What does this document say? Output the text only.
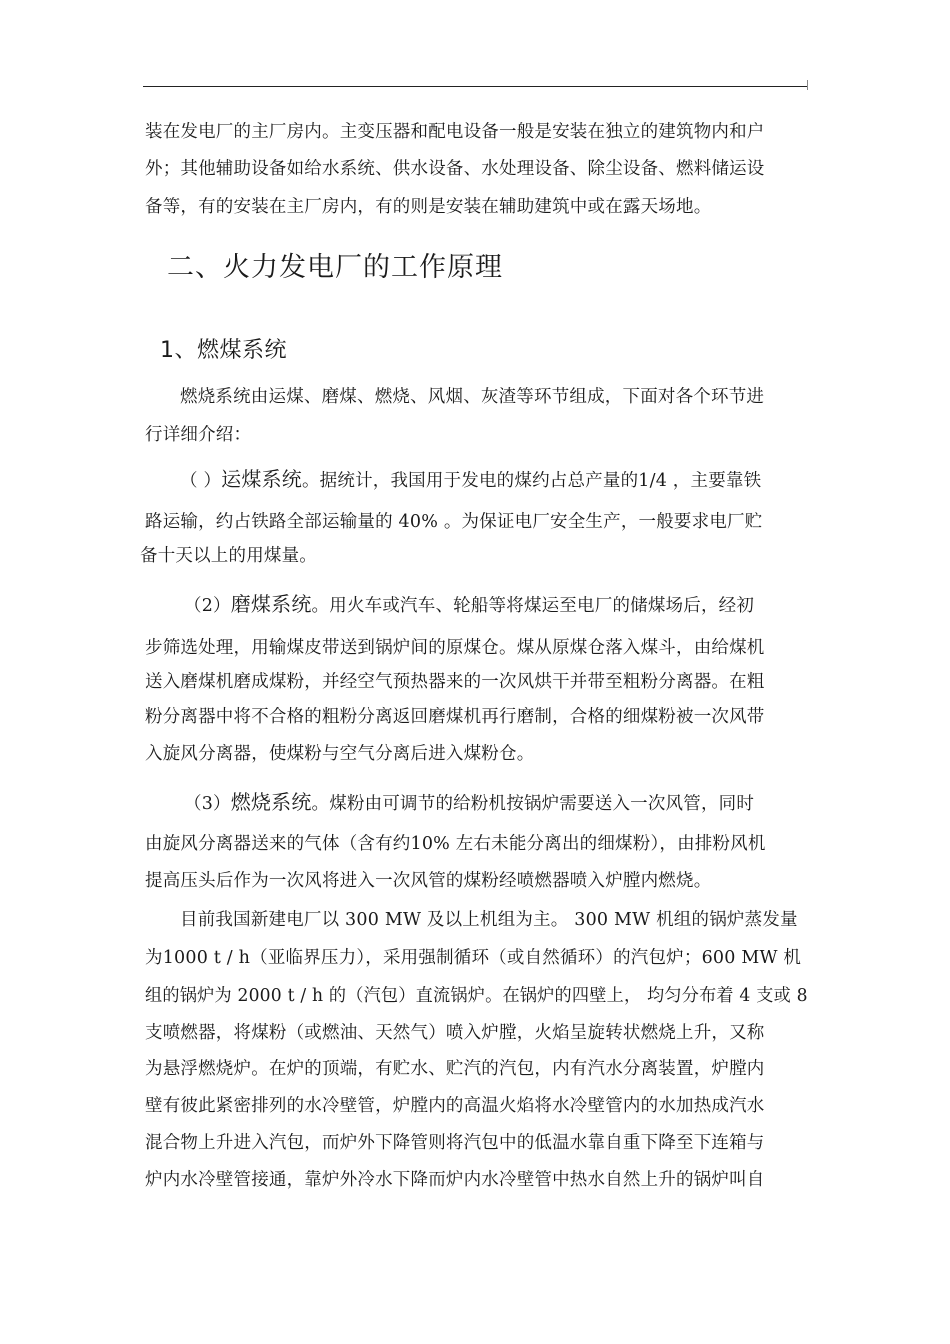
装在发电厂的主厂房内。主变压器和配电设备一般是安装在独立的建筑物内和户
外；其他辅助设备如给水系统、供水设备、水处理设备、除尘设备、燃料储运设
备等，有的安装在主厂房内，有的则是安装在辅助建筑中或在露天场地。
二、火力发电厂的工作原理
1、燃煤系统
燃烧系统由运煤、磨煤、燃烧、风烟、灰渣等环节组成，下面对各个环节进
行详细介绍：
（ ）运煤系统。据统计，我国用于发电的煤约占总产量的1/4 ，主要靠铁
路运输，约占铁路全部运输量的 40% 。为保证电厂安全生产，一般要求电厂贮
备十天以上的用煤量。
（2）磨煤系统。用火车或汽车、轮船等将煤运至电厂的储煤场后，经初
步筛选处理，用输煤皮带送到锅炉间的原煤仓。煤从原煤仓落入煤斗，由给煤机
送入磨煤机磨成煤粉，并经空气预热器来的一次风烘干并带至粗粉分离器。在粗
粉分离器中将不合格的粗粉分离返回磨煤机再行磨制，合格的细煤粉被一次风带
入旋风分离器，使煤粉与空气分离后进入煤粉仓。
（3）燃烧系统。煤粉由可调节的给粉机按锅炉需要送入一次风管，同时
由旋风分离器送来的气体（含有约10% 左右未能分离出的细煤粉），由排粉风机
提高压头后作为一次风将进入一次风管的煤粉经喷燃器喷入炉膛内燃烧。
目前我国新建电厂以 300 MW 及以上机组为主。 300 MW 机组的锅炉蒸发量
为1000 t / h（亚临界压力），采用强制循环（或自然循环）的汽包炉；600 MW 机
组的锅炉为 2000 t / h 的（汽包）直流锅炉。在锅炉的四壁上， 均匀分布着 4 支或 8
支喷燃器，将煤粉（或燃油、天然气）喷入炉膛，火焰呈旋转状燃烧上升，又称
为悬浮燃烧炉。在炉的顶端，有贮水、贮汽的汽包，内有汽水分离装置，炉膛内
壁有彼此紧密排列的水冷壁管，炉膛内的高温火焰将水冷壁管内的水加热成汽水
混合物上升进入汽包，而炉外下降管则将汽包中的低温水靠自重下降至下连箱与
炉内水冷壁管接通，靠炉外冷水下降而炉内水冷壁管中热水自然上升的锅炉叫自
